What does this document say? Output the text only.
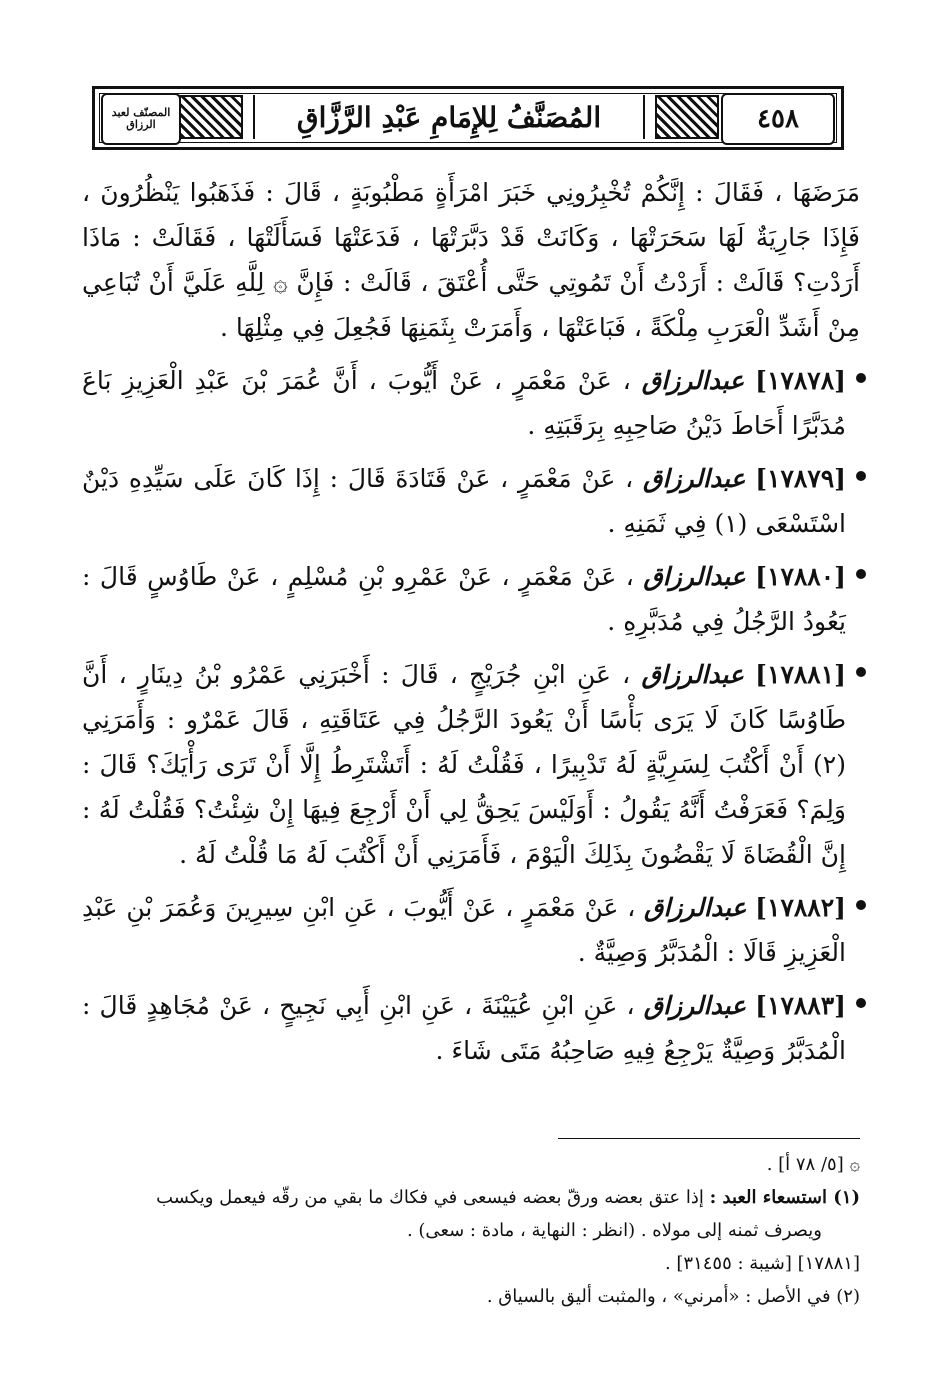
٤٥٨
المُصَنَّفُ لِلإِمَامِ عَبْدِ الرَّزَّاقِ
المصنّف لعبد الرزاق

مَرَضَهَا ، فَقَالَ : إِنَّكُمْ تُخْبِرُونِي خَبَرَ امْرَأَةٍ مَطْبُوبَةٍ ، قَالَ : فَذَهَبُوا يَنْظُرُونَ ، فَإِذَا جَارِيَةٌ لَهَا سَحَرَتْهَا ، وَكَانَتْ قَدْ دَبَّرَتْهَا ، فَدَعَتْهَا فَسَأَلَتْهَا ، فَقَالَتْ : مَاذَا أَرَدْتِ؟ قَالَتْ : أَرَدْتُ أَنْ تَمُوتِي حَتَّى أُعْتَقَ ، قَالَتْ : فَإِنَّ ۞ لِلَّهِ عَلَيَّ أَنْ تُبَاعِي مِنْ أَشَدِّ الْعَرَبِ مِلْكَةً ، فَبَاعَتْهَا ، وَأَمَرَتْ بِثَمَنِهَا فَجُعِلَ فِي مِثْلِهَا .

[١٧٨٧٨] عبدالرزاق ، عَنْ مَعْمَرٍ ، عَنْ أَيُّوبَ ، أَنَّ عُمَرَ بْنَ عَبْدِ الْعَزِيزِ بَاعَ مُدَبَّرًا أَحَاطَ دَيْنُ صَاحِبِهِ بِرَقَبَتِهِ .

[١٧٨٧٩] عبدالرزاق ، عَنْ مَعْمَرٍ ، عَنْ قَتَادَةَ قَالَ : إِذَا كَانَ عَلَى سَيِّدِهِ دَيْنٌ اسْتَسْعَى (١) فِي ثَمَنِهِ .

[١٧٨٨٠] عبدالرزاق ، عَنْ مَعْمَرٍ ، عَنْ عَمْرِو بْنِ مُسْلِمٍ ، عَنْ طَاوُسٍ قَالَ : يَعُودُ الرَّجُلُ فِي مُدَبَّرِهِ .

[١٧٨٨١] عبدالرزاق ، عَنِ ابْنِ جُرَيْجٍ ، قَالَ : أَخْبَرَنِي عَمْرُو بْنُ دِينَارٍ ، أَنَّ طَاوُسًا كَانَ لَا يَرَى بَأْسًا أَنْ يَعُودَ الرَّجُلُ فِي عَتَاقَتِهِ ، قَالَ عَمْرٌو : وَأَمَرَنِي (٢) أَنْ أَكْتُبَ لِسَرِيَّةٍ لَهُ تَدْبِيرًا ، فَقُلْتُ لَهُ : أَتَشْتَرِطُ إِلَّا أَنْ تَرَى رَأْيَكَ؟ قَالَ : وَلِمَ؟ فَعَرَفْتُ أَنَّهُ يَقُولُ : أَوَلَيْسَ يَحِقُّ لِي أَنْ أَرْجِعَ فِيهَا إِنْ شِئْتُ؟ فَقُلْتُ لَهُ : إِنَّ الْقُضَاةَ لَا يَقْضُونَ بِذَلِكَ الْيَوْمَ ، فَأَمَرَنِي أَنْ أَكْتُبَ لَهُ مَا قُلْتُ لَهُ .

[١٧٨٨٢] عبدالرزاق ، عَنْ مَعْمَرٍ ، عَنْ أَيُّوبَ ، عَنِ ابْنِ سِيرِينَ وَعُمَرَ بْنِ عَبْدِ الْعَزِيزِ قَالَا : الْمُدَبَّرُ وَصِيَّةٌ .

[١٧٨٨٣] عبدالرزاق ، عَنِ ابْنِ عُيَيْنَةَ ، عَنِ ابْنِ أَبِي نَجِيحٍ ، عَنْ مُجَاهِدٍ قَالَ : الْمُدَبَّرُ وَصِيَّةٌ يَرْجِعُ فِيهِ صَاحِبُهُ مَتَى شَاءَ .

۞ [٥/ ٧٨ أ] .

(١) استسعاء العبد : إذا عتق بعضه ورقّ بعضه فيسعى في فكاك ما بقي من رقّه فيعمل ويكسب

ويصرف ثمنه إلى مولاه . (انظر : النهاية ، مادة : سعى) .

[١٧٨٨١] [شيبة : ٣١٤٥٥] .

(٢) في الأصل : «أمرني» ، والمثبت أليق بالسياق .
